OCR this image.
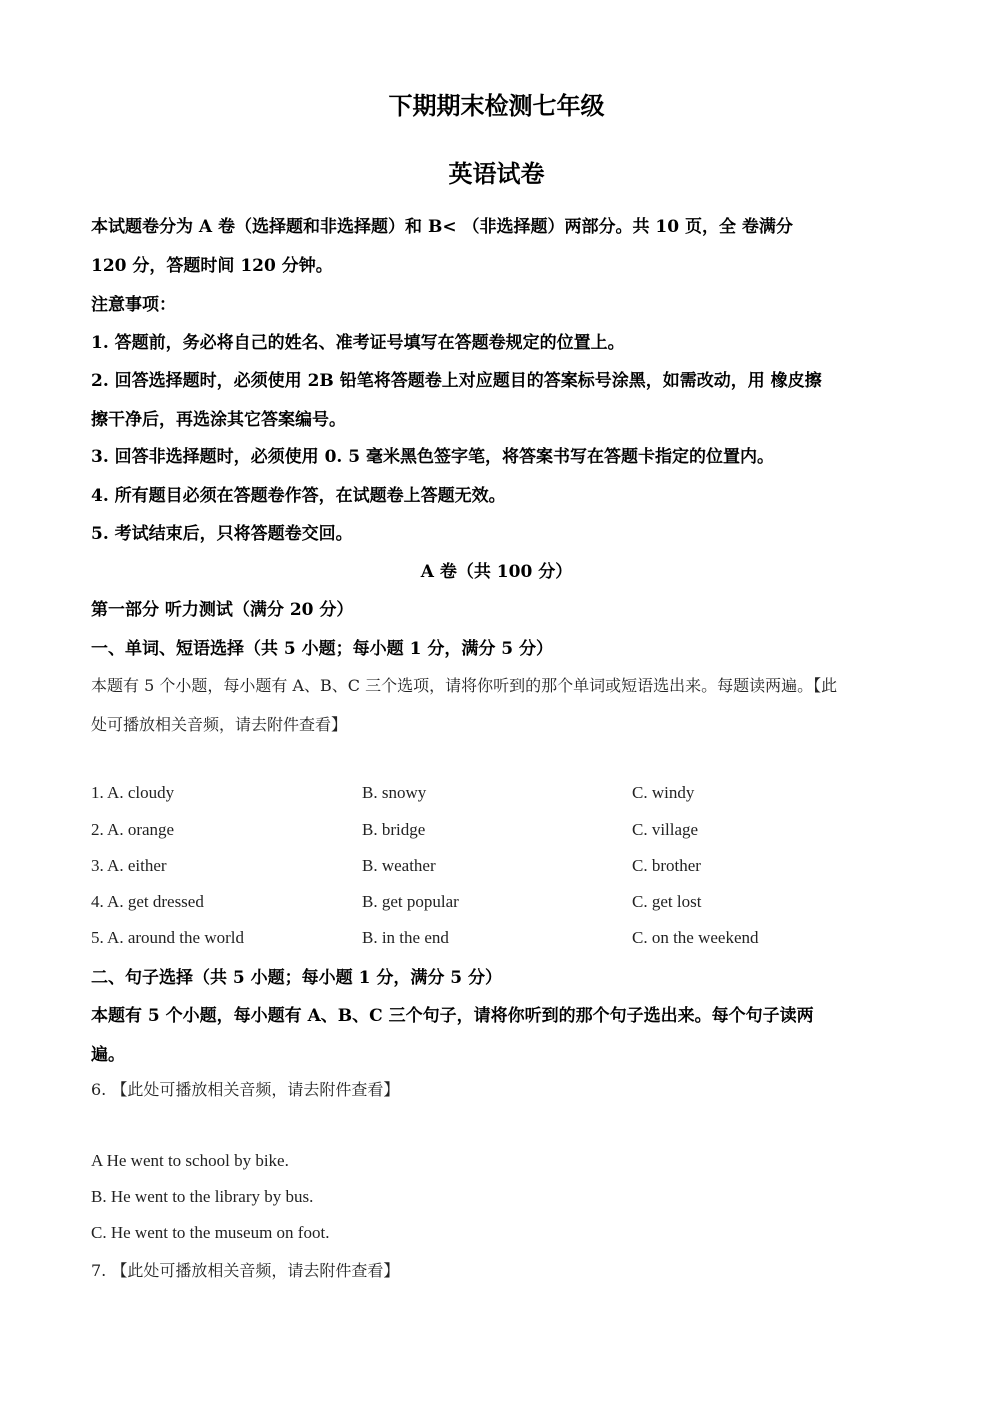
下期期末检测七年级
英语试卷
本试题卷分为 A 卷（选择题和非选择题）和 B< （非选择题）两部分。共 10 页，全 卷满分
120 分，答题时间 120 分钟。
注意事项：
1. 答题前，务必将自己的姓名、准考证号填写在答题卷规定的位置上。
2. 回答选择题时，必须使用 2B 铅笔将答题卷上对应题目的答案标号涂黑，如需改动，用 橡皮擦
擦干净后，再选涂其它答案编号。
3. 回答非选择题时，必须使用 0. 5 毫米黑色签字笔，将答案书写在答题卡指定的位置内。
4. 所有题目必须在答题卷作答，在试题卷上答题无效。
5. 考试结束后，只将答题卷交回。
A 卷（共 100 分）
第一部分 听力测试（满分 20 分）
一、单词、短语选择（共 5 小题；每小题 1 分，满分 5 分）
本题有 5 个小题，每小题有 A、B、C 三个选项，请将你听到的那个单词或短语选出来。每题读两遍。【此
处可播放相关音频，请去附件查看】
1. A. cloudy	B. snowy	C. windy
2. A. orange	B. bridge	C. village
3. A. either	B. weather	C. brother
4. A. get dressed	B. get popular	C. get lost
5. A. around the world	B. in the end	C. on the weekend
二、句子选择（共 5 小题；每小题 1 分，满分 5 分）
本题有 5 个小题，每小题有 A、B、C 三个句子，请将你听到的那个句子选出来。每个句子读两
遍。
6. 【此处可播放相关音频，请去附件查看】
A He went to school by bike.
B. He went to the library by bus.
C. He went to the museum on foot.
7. 【此处可播放相关音频，请去附件查看】
